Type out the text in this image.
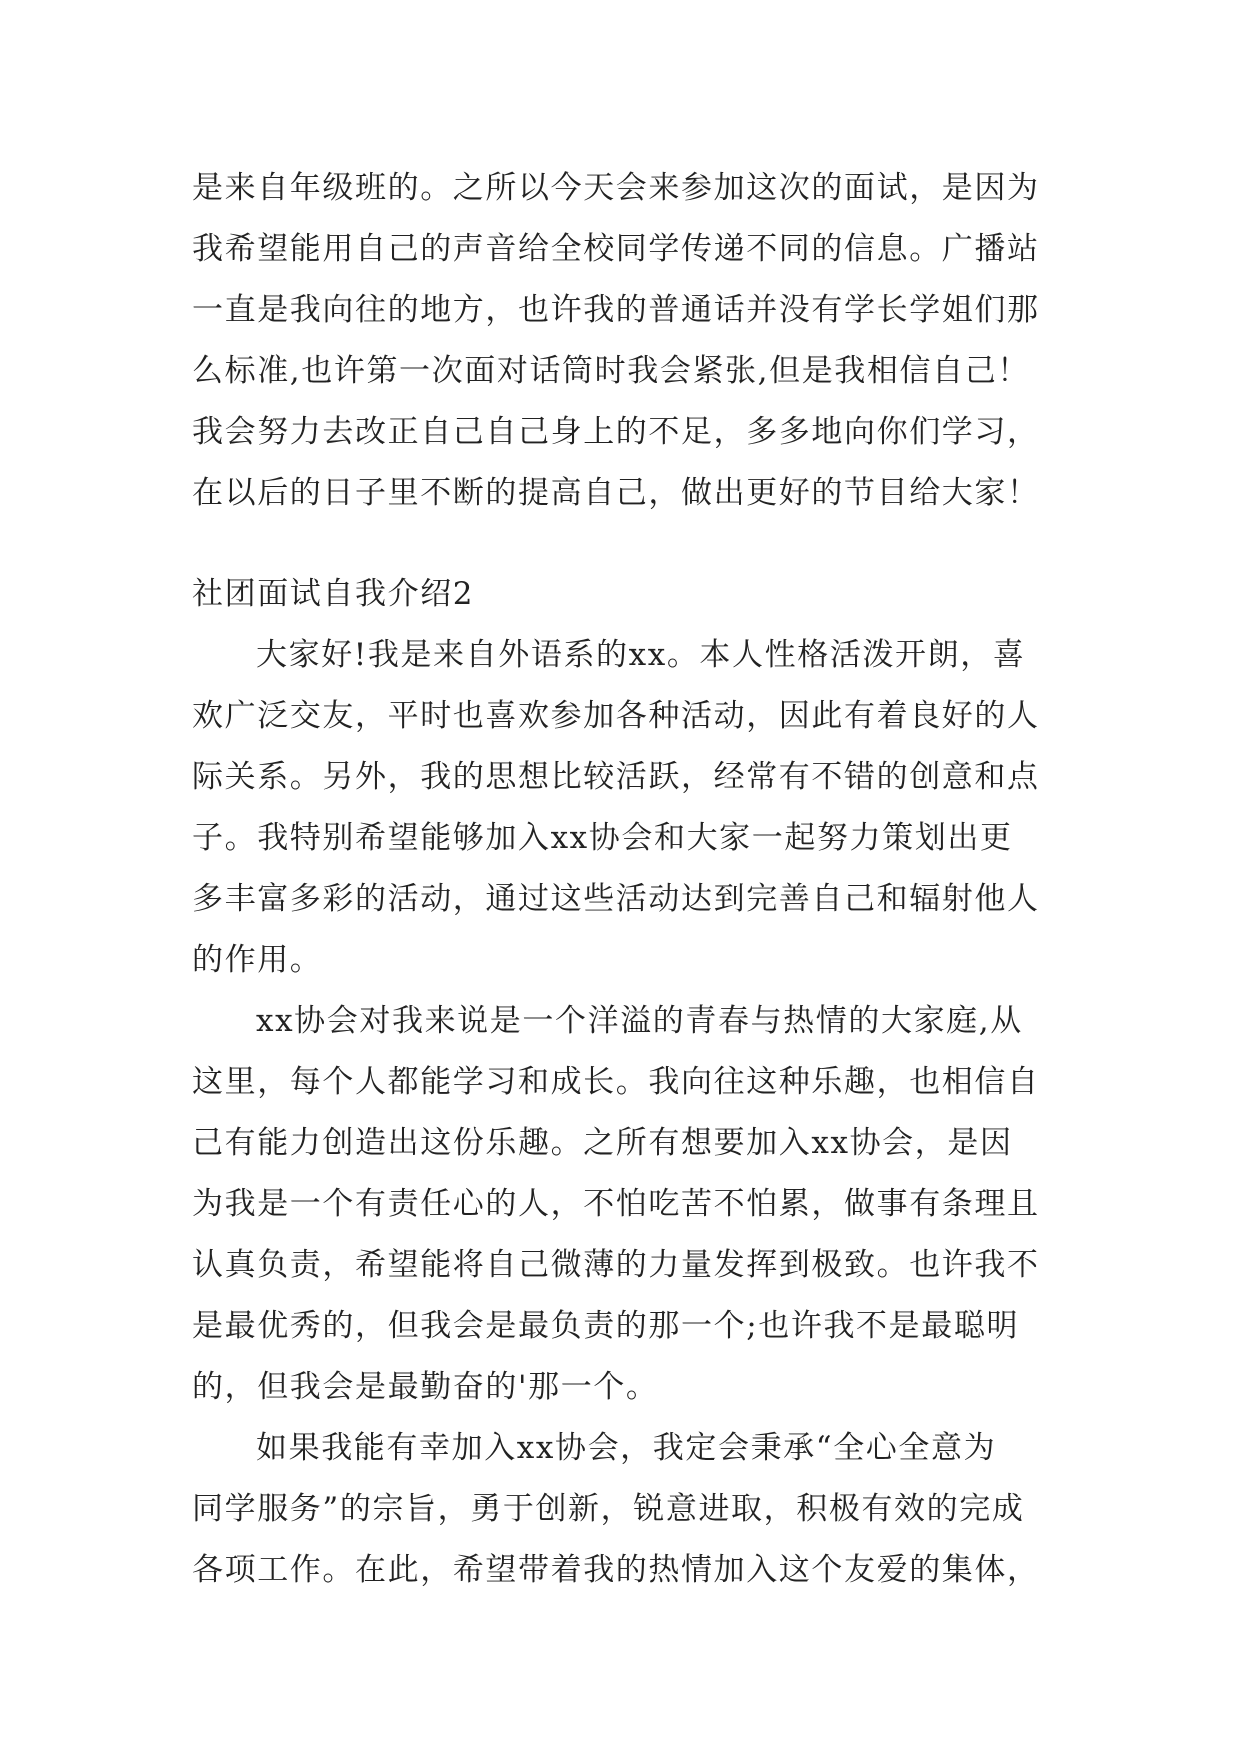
是来自年级班的。之所以今天会来参加这次的面试，是因为
我希望能用自己的声音给全校同学传递不同的信息。广播站
一直是我向往的地方，也许我的普通话并没有学长学姐们那
么标准,也许第一次面对话筒时我会紧张,但是我相信自己！
我会努力去改正自己自己身上的不足，多多地向你们学习，
在以后的日子里不断的提高自己，做出更好的节目给大家！
社团面试自我介绍2
大家好!我是来自外语系的xx。本人性格活泼开朗，喜
欢广泛交友，平时也喜欢参加各种活动，因此有着良好的人
际关系。另外，我的思想比较活跃，经常有不错的创意和点
子。我特别希望能够加入xx协会和大家一起努力策划出更
多丰富多彩的活动，通过这些活动达到完善自己和辐射他人
的作用。
xx协会对我来说是一个洋溢的青春与热情的大家庭,从
这里，每个人都能学习和成长。我向往这种乐趣，也相信自
己有能力创造出这份乐趣。之所有想要加入xx协会，是因
为我是一个有责任心的人，不怕吃苦不怕累，做事有条理且
认真负责，希望能将自己微薄的力量发挥到极致。也许我不
是最优秀的，但我会是最负责的那一个;也许我不是最聪明
的，但我会是最勤奋的'那一个。
如果我能有幸加入xx协会，我定会秉承“全心全意为
同学服务”的宗旨，勇于创新，锐意进取，积极有效的完成
各项工作。在此，希望带着我的热情加入这个友爱的集体，
